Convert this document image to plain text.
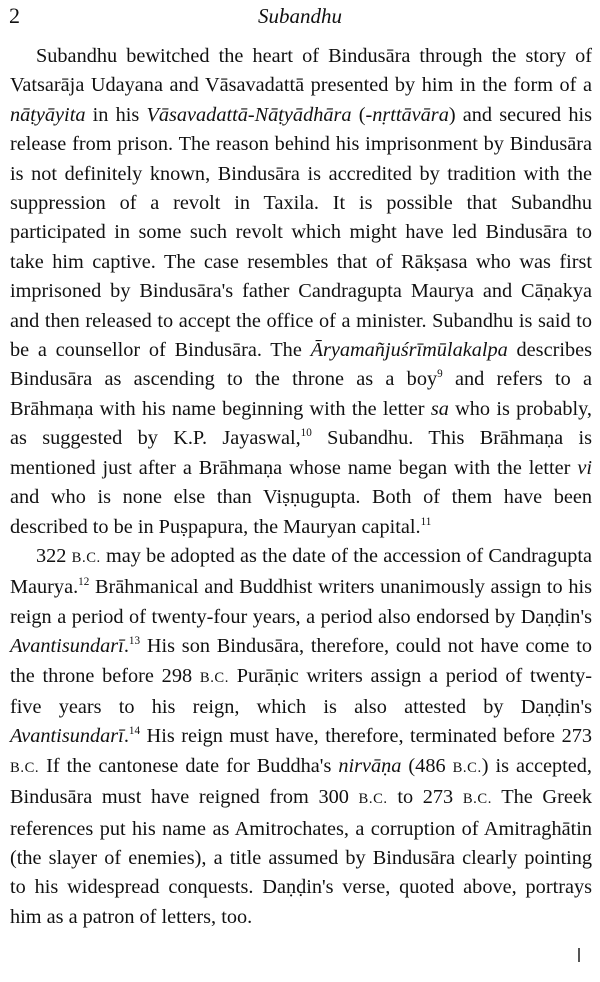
2	Subandhu

Subandhu bewitched the heart of Bindusāra through the story of Vatsarāja Udayana and Vāsavadattā presented by him in the form of a nāṭyāyita in his Vāsavadattā-Nāṭyādhāra (-nṛttāvāra) and secured his release from prison. The reason behind his imprisonment by Bindusāra is not definitely known, Bindusāra is accredited by tradition with the suppression of a revolt in Taxila. It is possible that Subandhu participated in some such revolt which might have led Bindusāra to take him captive. The case resembles that of Rākṣasa who was first imprisoned by Bindusāra's father Candragupta Maurya and Cāṇakya and then released to accept the office of a minister. Subandhu is said to be a counsellor of Bindusāra. The Āryamañjuśrīmūlakalpa describes Bindusāra as ascending to the throne as a boy$^9$ and refers to a Brāhmaṇa with his name beginning with the letter sa who is probably, as suggested by K.P. Jayaswal,$^{10}$ Subandhu. This Brāhmaṇa is mentioned just after a Brāhmaṇa whose name began with the letter vi and who is none else than Viṣṇugupta. Both of them have been described to be in Puṣpapura, the Mauryan capital.$^{11}$

322 B.C. may be adopted as the date of the accession of Candragupta Maurya.$^{12}$ Brāhmanical and Buddhist writers unanimously assign to his reign a period of twenty-four years, a period also endorsed by Daṇḍin's Avantisundarī.$^{13}$ His son Bindusāra, therefore, could not have come to the throne before 298 B.C. Purāṇic writers assign a period of twenty-five years to his reign, which is also attested by Daṇḍin's Avantisundarī.$^{14}$ His reign must have, therefore, terminated before 273 B.C. If the cantonese date for Buddha's nirvāṇa (486 B.C.) is accepted, Bindusāra must have reigned from 300 B.C. to 273 B.C. The Greek references put his name as Amitrochates, a corruption of Amitraghātin (the slayer of enemies), a title assumed by Bindusāra clearly pointing to his widespread conquests. Daṇḍin's verse, quoted above, portrays him as a patron of letters, too.
